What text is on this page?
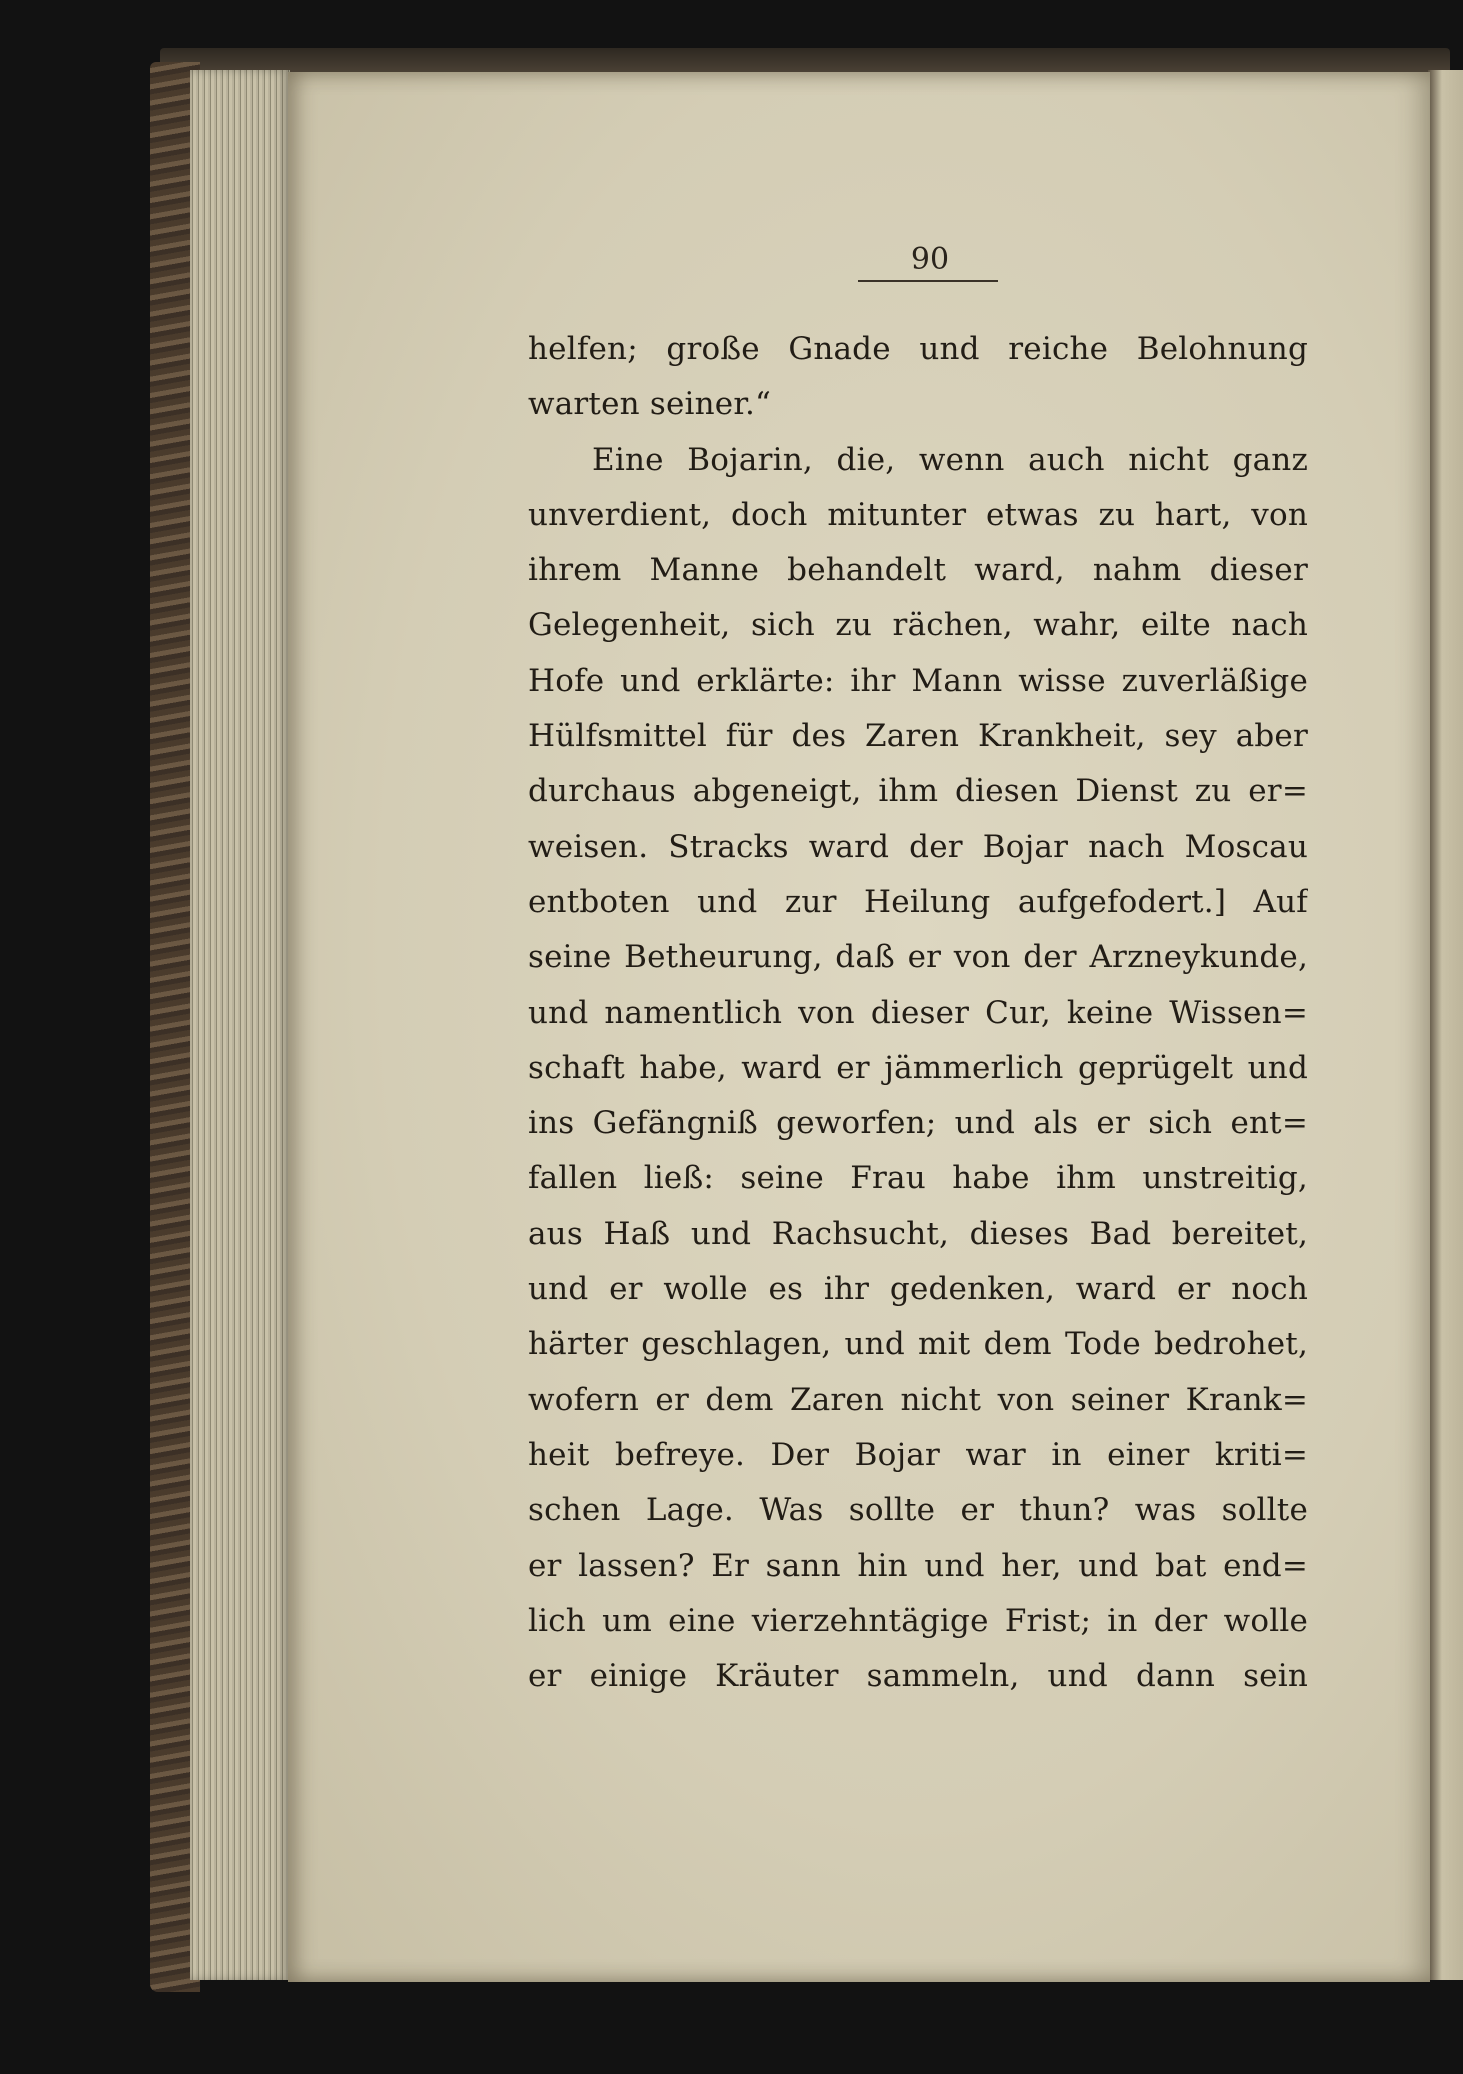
90
helfen; große Gnade und reiche Belohnung
warten seiner.“
Eine Bojarin, die, wenn auch nicht ganz
unverdient, doch mitunter etwas zu hart, von
ihrem Manne behandelt ward, nahm dieser
Gelegenheit, sich zu rächen, wahr, eilte nach
Hofe und erklärte: ihr Mann wisse zuverläßige
Hülfsmittel für des Zaren Krankheit, sey aber
durchaus abgeneigt, ihm diesen Dienst zu er=
weisen. Stracks ward der Bojar nach Moscau
entboten und zur Heilung aufgefodert.] Auf
seine Betheurung, daß er von der Arzneykunde,
und namentlich von dieser Cur, keine Wissen=
schaft habe, ward er jämmerlich geprügelt und
ins Gefängniß geworfen; und als er sich ent=
fallen ließ: seine Frau habe ihm unstreitig,
aus Haß und Rachsucht, dieses Bad bereitet,
und er wolle es ihr gedenken, ward er noch
härter geschlagen, und mit dem Tode bedrohet,
wofern er dem Zaren nicht von seiner Krank=
heit befreye. Der Bojar war in einer kriti=
schen Lage. Was sollte er thun? was sollte
er lassen? Er sann hin und her, und bat end=
lich um eine vierzehntägige Frist; in der wolle
er einige Kräuter sammeln, und dann sein
